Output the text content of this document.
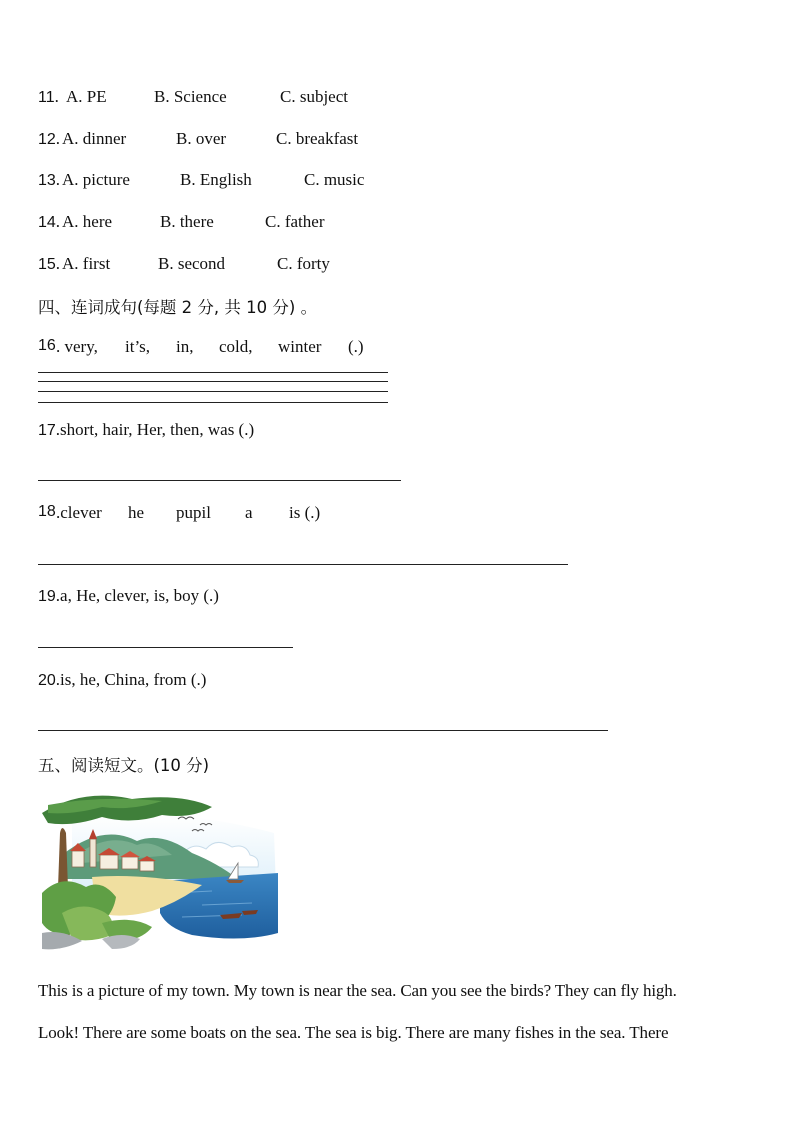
11. A. PE	B. Science	C. subject
12. A. dinner	B. over	C. breakfast
13. A. picture	B. English	C. music
14. A. here	B. there	C. father
15. A. first	B. second	C. forty
四、连词成句(每题 2 分, 共 10 分) 。
16 . very, it’s, in, cold, winter (.)
17.short, hair, Her, then, was (.)
18 .clever he pupil a is (.)
19.a, He, clever, is, boy (.)
20.is, he, China, from (.)
五、阅读短文。(10 分)
This is a picture of my town. My town is near the sea. Can you see the birds? They can fly high.
Look! There are some boats on the sea. The sea is big. There are many fishes in the sea. There
